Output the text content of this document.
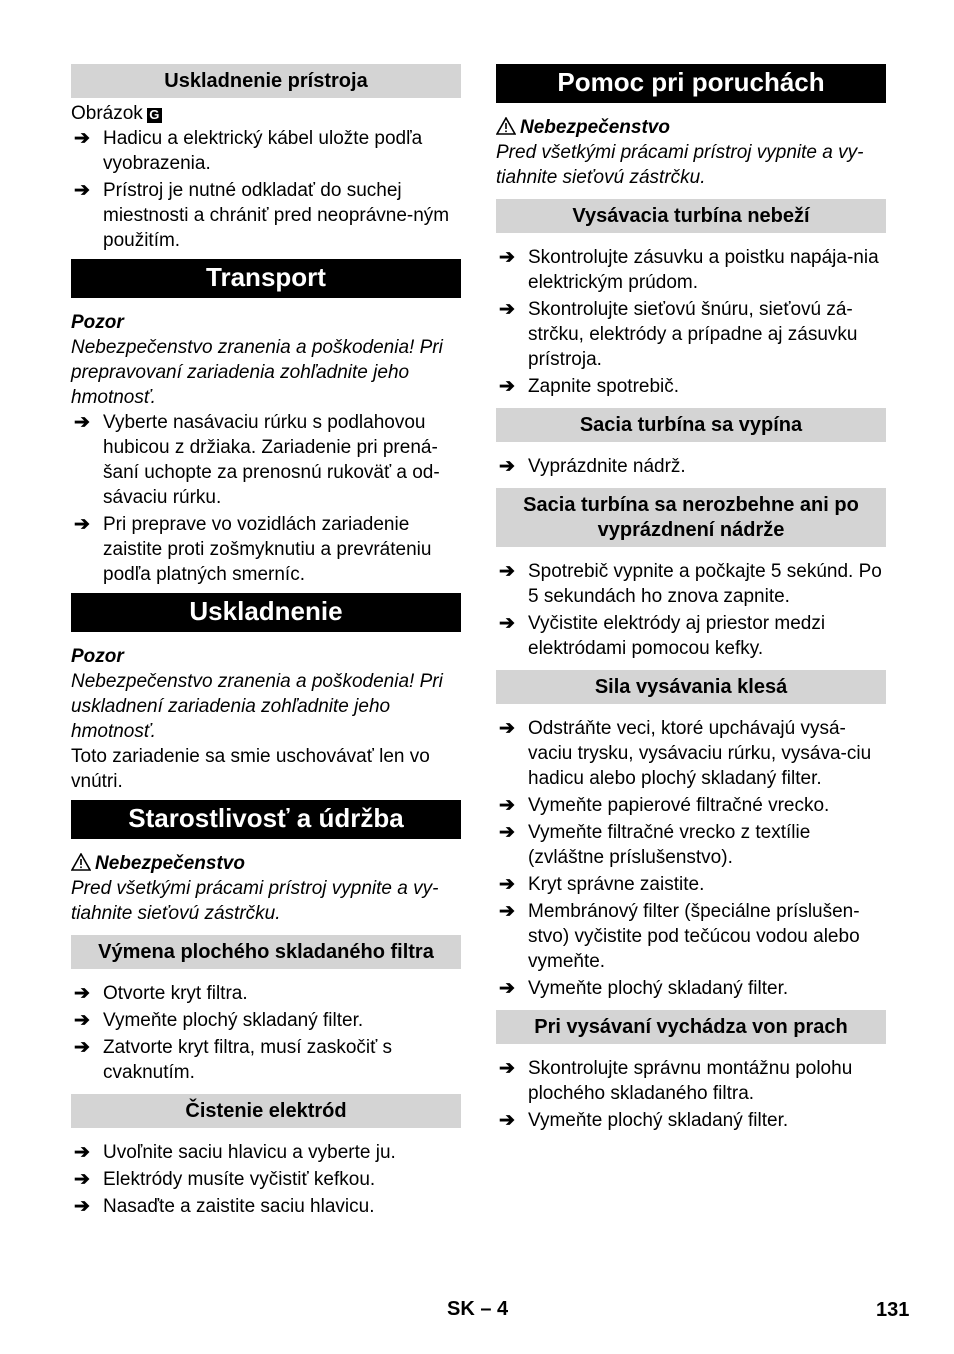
Uskladnenie prístroja

Obrázok G

➔ Hadicu a elektrický kábel uložte podľa vyobrazenia.
➔ Prístroj je nutné odkladať do suchej miestnosti a chrániť pred neoprávne-ným použitím.
Transport

Pozor

Nebezpečenstvo zranenia a poškodenia! Pri prepravovaní zariadenia zohľadnite jeho hmotnosť.

➔ Vyberte nasávaciu rúrku s podlahovou hubicou z držiaka. Zariadenie pri prená-šaní uchopte za prenosnú rukoväť a od-sávaciu rúrku.
➔ Pri preprave vo vozidlách zariadenie zaistite proti zošmyknutiu a prevráteniu podľa platných smerníc.
Uskladnenie

Pozor

Nebezpečenstvo zranenia a poškodenia! Pri uskladnení zariadenia zohľadnite jeho hmotnosť.

Toto zariadenie sa smie uschovávať len vo vnútri.

Starostlivosť a údržba

Nebezpečenstvo

Pred všetkými prácami prístroj vypnite a vy-tiahnite sieťovú zástrčku.

Výmena plochého skladaného filtra
➔ Otvorte kryt filtra.
➔ Vymeňte plochý skladaný filter.
➔ Zatvorte kryt filtra, musí zaskočiť s cvaknutím.
Čistenie elektród
➔ Uvoľnite saciu hlavicu a vyberte ju.
➔ Elektródy musíte vyčistiť kefkou.
➔ Nasaďte a zaistite saciu hlavicu.
Pomoc pri poruchách

Nebezpečenstvo

Pred všetkými prácami prístroj vypnite a vy-tiahnite sieťovú zástrčku.

Vysávacia turbína nebeží
➔ Skontrolujte zásuvku a poistku napája-nia elektrickým prúdom.
➔ Skontrolujte sieťovú šnúru, sieťovú zá-strčku, elektródy a prípadne aj zásuvku prístroja.
➔ Zapnite spotrebič.
Sacia turbína sa vypína
➔ Vyprázdnite nádrž.
Sacia turbína sa nerozbehne ani po vyprázdnení nádrže
➔ Spotrebič vypnite a počkajte 5 sekúnd. Po 5 sekundách ho znova zapnite.
➔ Vyčistite elektródy aj priestor medzi elektródami pomocou kefky.
Sila vysávania klesá
➔ Odstráňte veci, ktoré upchávajú vysá-vaciu trysku, vysávaciu rúrku, vysáva-ciu hadicu alebo plochý skladaný filter.
➔ Vymeňte papierové filtračné vrecko.
➔ Vymeňte filtračné vrecko z textílie (zvláštne príslušenstvo).
➔ Kryt správne zaistite.
➔ Membránový filter (špeciálne príslušen-stvo) vyčistite pod tečúcou vodou alebo vymeňte.
➔ Vymeňte plochý skladaný filter.
Pri vysávaní vychádza von prach
➔ Skontrolujte správnu montážnu polohu plochého skladaného filtra.
➔ Vymeňte plochý skladaný filter.
SK – 4	131
